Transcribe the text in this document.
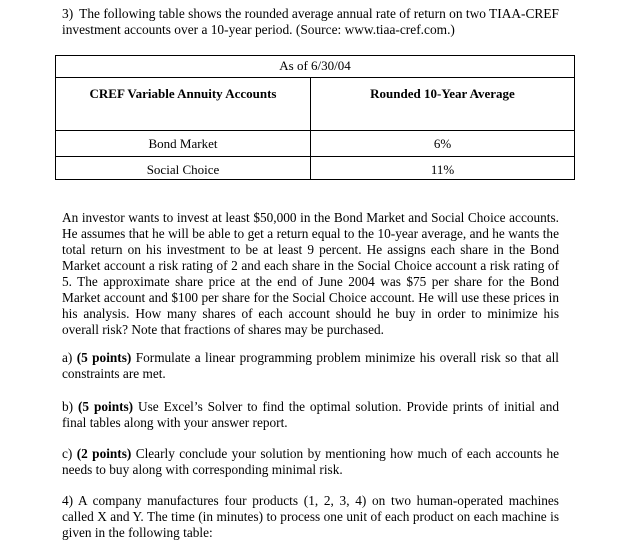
3) The following table shows the rounded average annual rate of return on two TIAA-CREF investment accounts over a 10-year period. (Source: www.tiaa-cref.com.)
As of 6/30/04
CREF Variable Annuity Accounts	Rounded 10-Year Average
Bond Market	6%
Social Choice	11%
An investor wants to invest at least $50,000 in the Bond Market and Social Choice accounts. He assumes that he will be able to get a return equal to the 10-year average, and he wants the total return on his investment to be at least 9 percent. He assigns each share in the Bond Market account a risk rating of 2 and each share in the Social Choice account a risk rating of 5. The approximate share price at the end of June 2004 was $75 per share for the Bond Market account and $100 per share for the Social Choice account. He will use these prices in his analysis. How many shares of each account should he buy in order to minimize his overall risk? Note that fractions of shares may be purchased.
a) (5 points) Formulate a linear programming problem minimize his overall risk so that all constraints are met.
b) (5 points) Use Excel’s Solver to find the optimal solution. Provide prints of initial and final tables along with your answer report.
c) (2 points) Clearly conclude your solution by mentioning how much of each accounts he needs to buy along with corresponding minimal risk.
4) A company manufactures four products (1, 2, 3, 4) on two human-operated machines called X and Y. The time (in minutes) to process one unit of each product on each machine is given in the following table:
